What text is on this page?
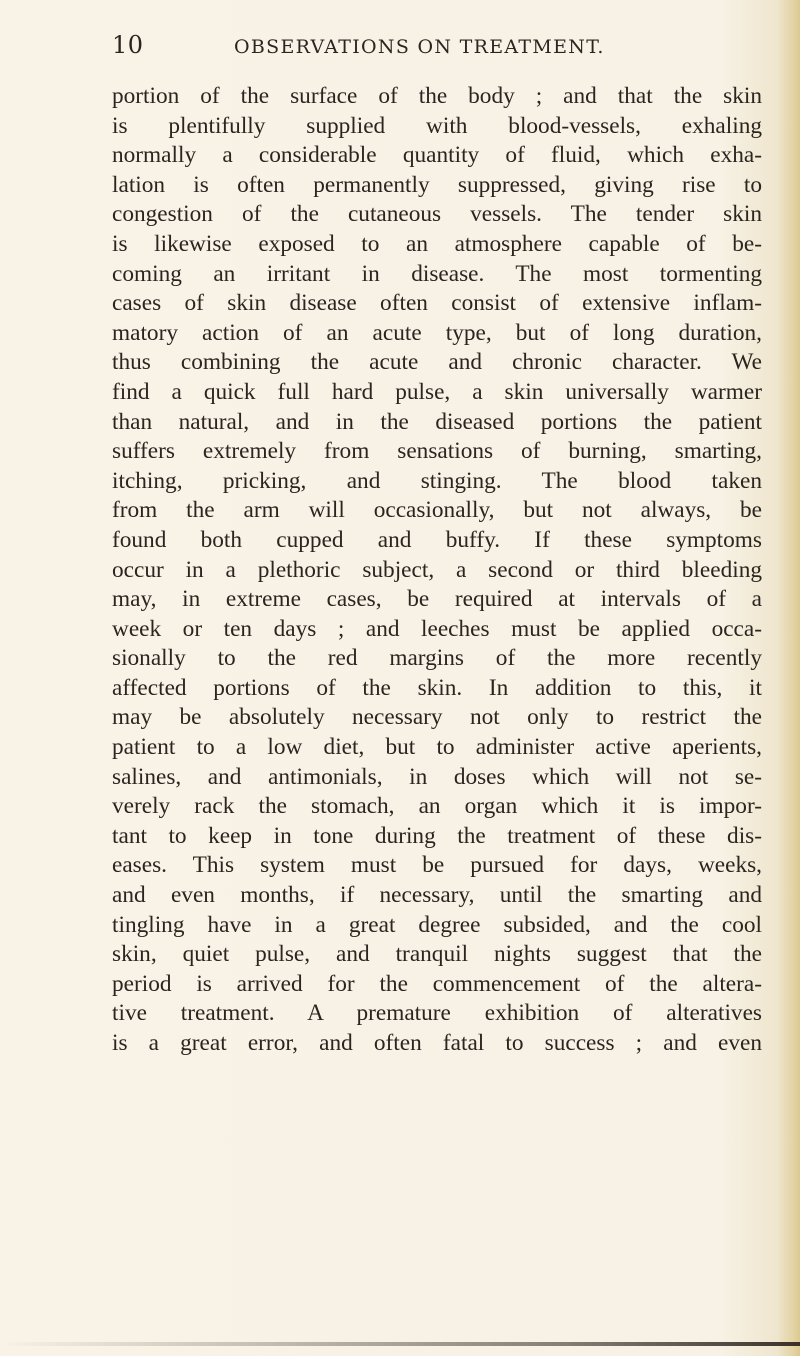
10	OBSERVATIONS ON TREATMENT.
portion of the surface of the body ; and that the skin
is plentifully supplied with blood-vessels, exhaling
normally a considerable quantity of fluid, which exha-
lation is often permanently suppressed, giving rise to
congestion of the cutaneous vessels. The tender skin
is likewise exposed to an atmosphere capable of be-
coming an irritant in disease. The most tormenting
cases of skin disease often consist of extensive inflam-
matory action of an acute type, but of long duration,
thus combining the acute and chronic character. We
find a quick full hard pulse, a skin universally warmer
than natural, and in the diseased portions the patient
suffers extremely from sensations of burning, smarting,
itching, pricking, and stinging. The blood taken
from the arm will occasionally, but not always, be
found both cupped and buffy. If these symptoms
occur in a plethoric subject, a second or third bleeding
may, in extreme cases, be required at intervals of a
week or ten days ; and leeches must be applied occa-
sionally to the red margins of the more recently
affected portions of the skin. In addition to this, it
may be absolutely necessary not only to restrict the
patient to a low diet, but to administer active aperients,
salines, and antimonials, in doses which will not se-
verely rack the stomach, an organ which it is impor-
tant to keep in tone during the treatment of these dis-
eases. This system must be pursued for days, weeks,
and even months, if necessary, until the smarting and
tingling have in a great degree subsided, and the cool
skin, quiet pulse, and tranquil nights suggest that the
period is arrived for the commencement of the altera-
tive treatment. A premature exhibition of alteratives
is a great error, and often fatal to success ; and even
